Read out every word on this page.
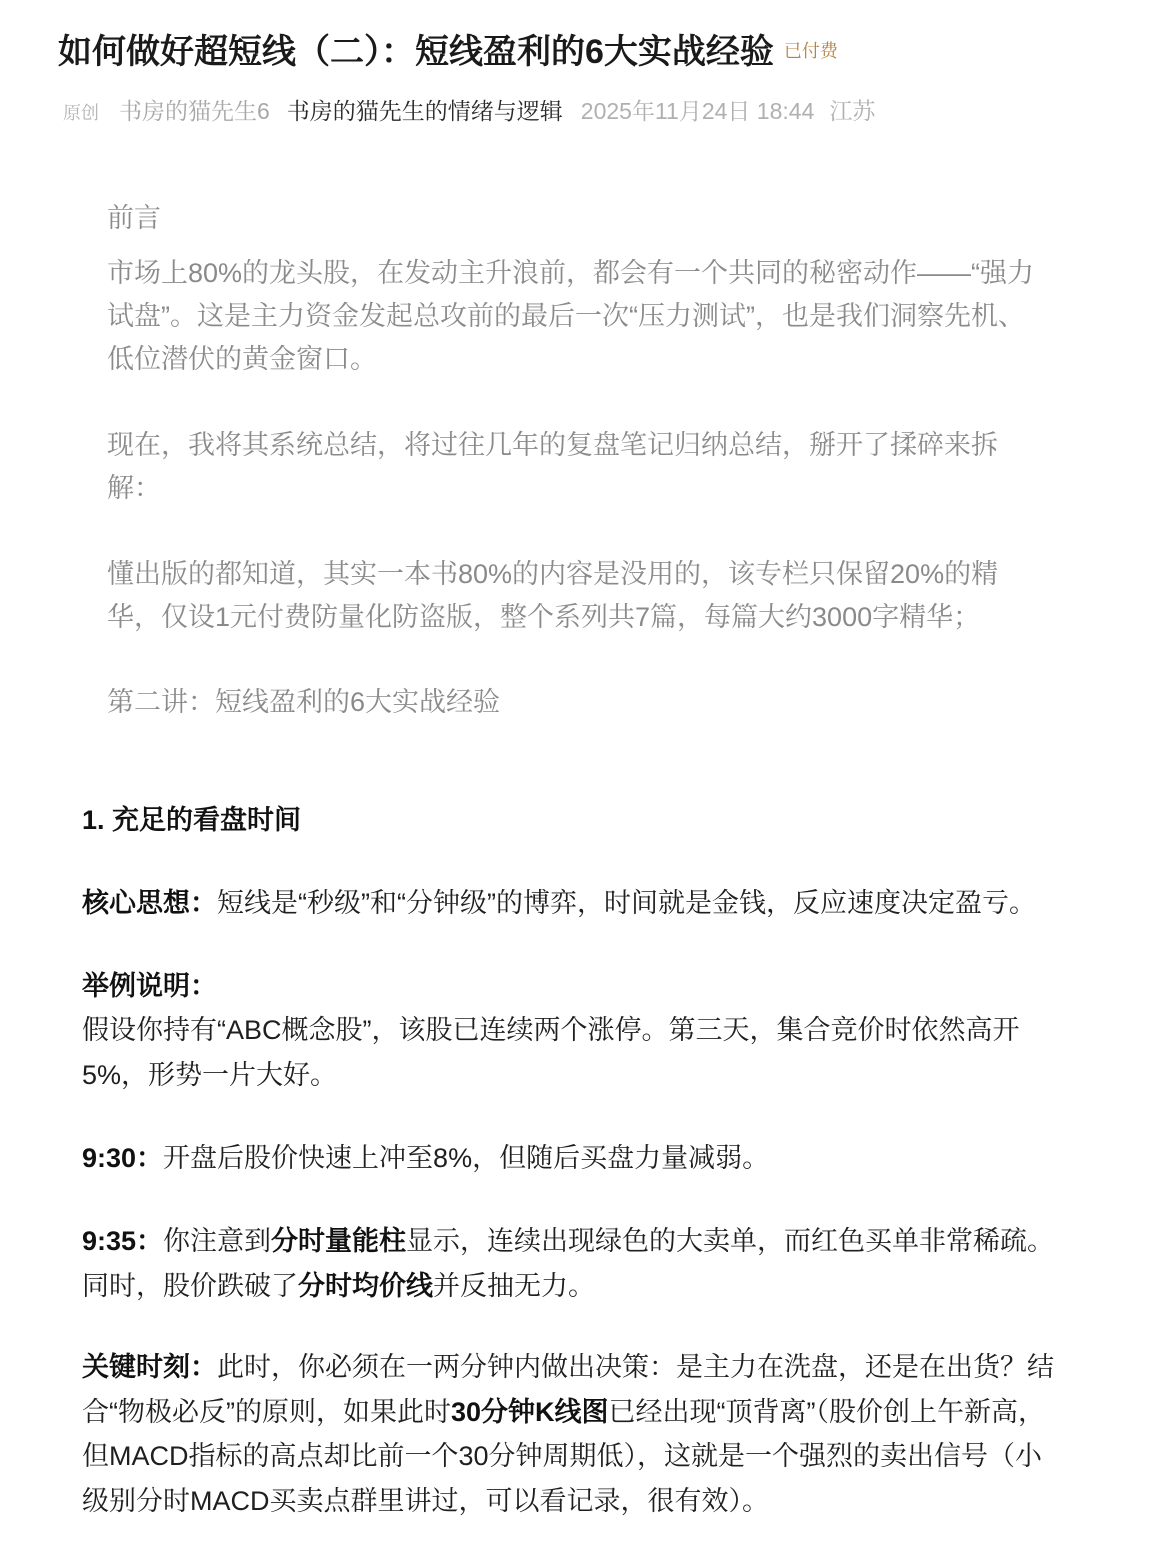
如何做好超短线（二）：短线盈利的6大实战经验 已付费
原创 书房的猫先生6 书房的猫先生的情绪与逻辑 2025年11月24日 18:44 江苏
前言
市场上80%的龙头股，在发动主升浪前，都会有一个共同的秘密动作——“强力
试盘”。这是主力资金发起总攻前的最后一次“压力测试”，也是我们洞察先机、
低位潜伏的黄金窗口。
现在，我将其系统总结，将过往几年的复盘笔记归纳总结，掰开了揉碎来拆
解：
懂出版的都知道，其实一本书80%的内容是没用的，该专栏只保留20%的精
华，仅设1元付费防量化防盗版，整个系列共7篇，每篇大约3000字精华；
第二讲：短线盈利的6大实战经验
1. 充足的看盘时间
核心思想：短线是“秒级”和“分钟级”的博弈，时间就是金钱，反应速度决定盈亏。
举例说明：
假设你持有“ABC概念股”，该股已连续两个涨停。第三天，集合竞价时依然高开
5%，形势一片大好。
9:30：开盘后股价快速上冲至8%，但随后买盘力量减弱。
9:35：你注意到分时量能柱显示，连续出现绿色的大卖单，而红色买单非常稀疏。
同时，股价跌破了分时均价线并反抽无力。
关键时刻：此时，你必须在一两分钟内做出决策：是主力在洗盘，还是在出货？结
合“物极必反”的原则，如果此时30分钟K线图已经出现“顶背离”（股价创上午新高，
但MACD指标的高点却比前一个30分钟周期低），这就是一个强烈的卖出信号（小
级别分时MACD买卖点群里讲过，可以看记录，很有效）。
